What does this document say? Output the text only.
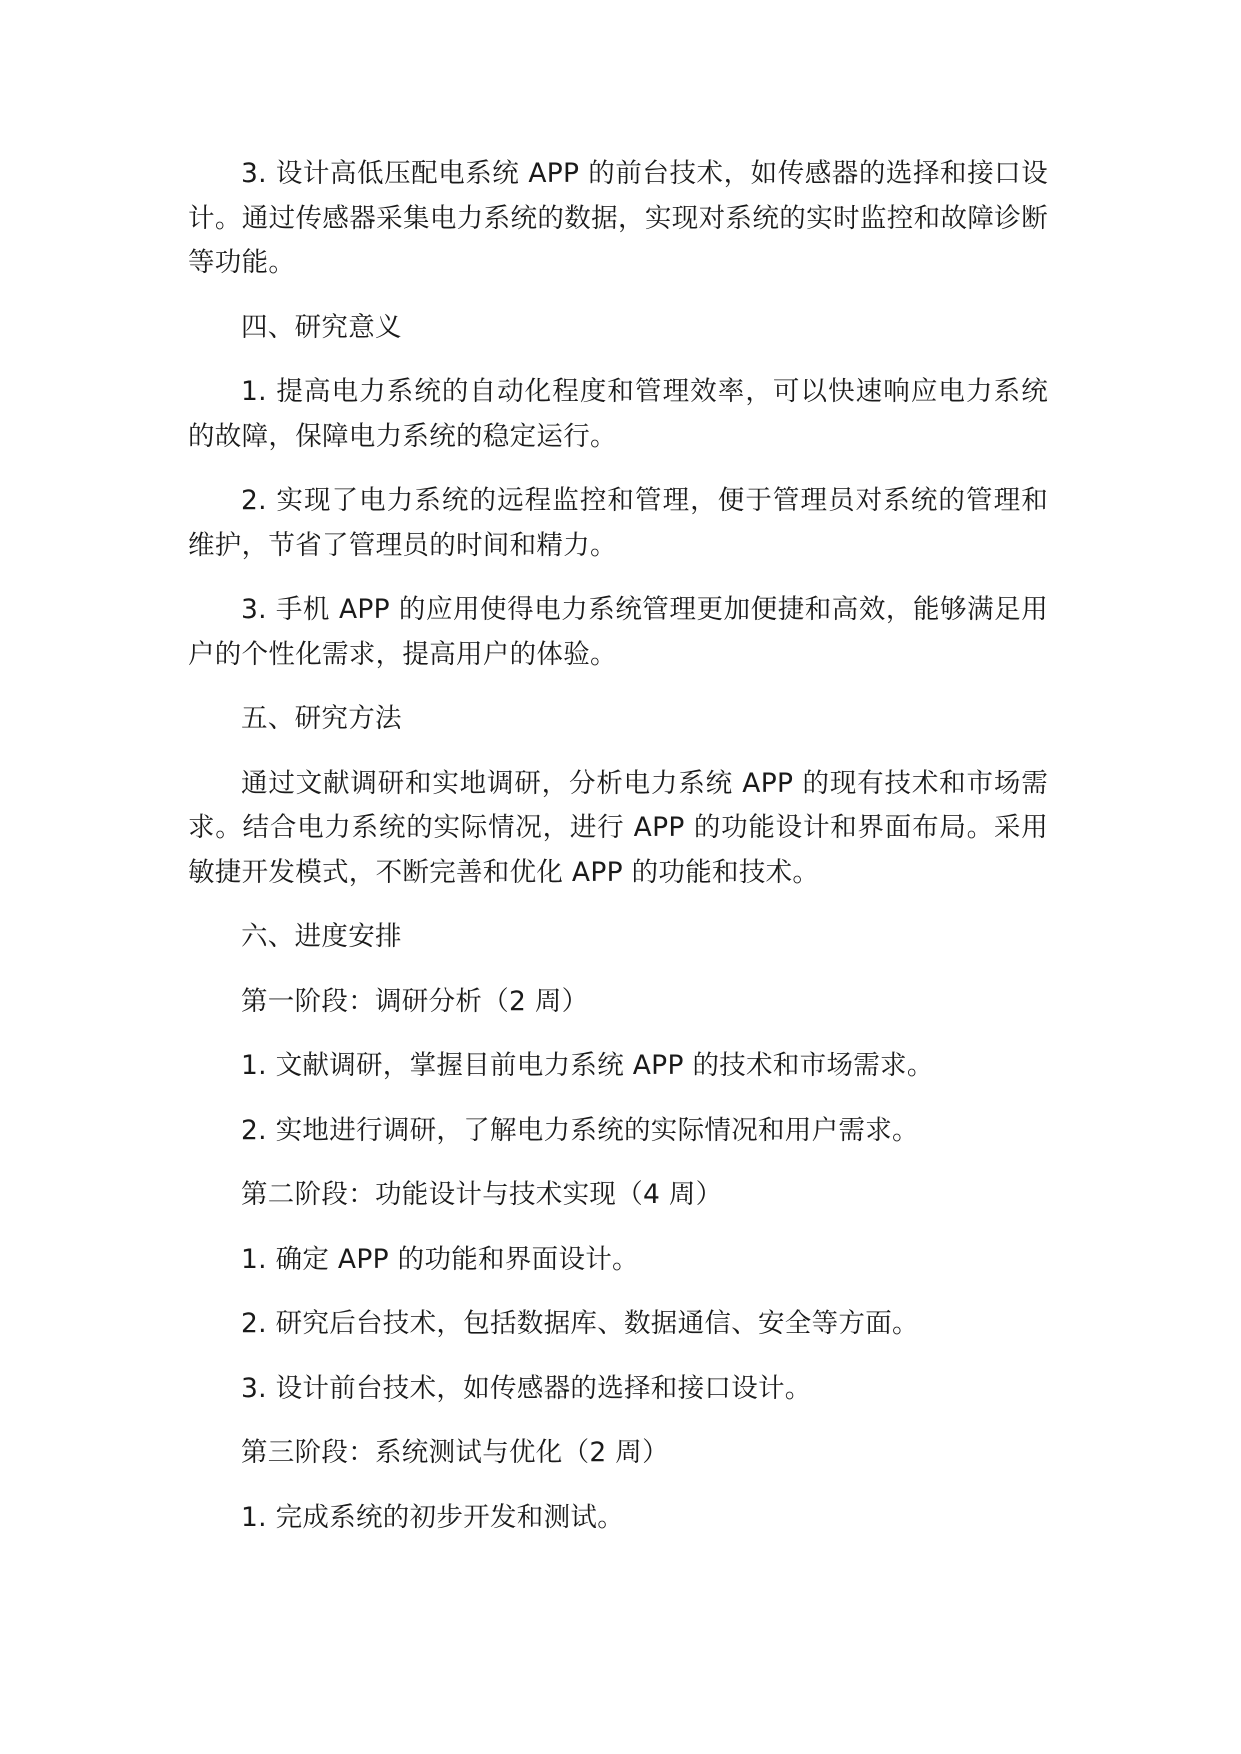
3. 设计高低压配电系统 APP 的前台技术，如传感器的选择和接口设计。通过传感器采集电力系统的数据，实现对系统的实时监控和故障诊断等功能。

四、研究意义

1. 提高电力系统的自动化程度和管理效率，可以快速响应电力系统的故障，保障电力系统的稳定运行。

2. 实现了电力系统的远程监控和管理，便于管理员对系统的管理和维护，节省了管理员的时间和精力。

3. 手机 APP 的应用使得电力系统管理更加便捷和高效，能够满足用户的个性化需求，提高用户的体验。

五、研究方法

通过文献调研和实地调研，分析电力系统 APP 的现有技术和市场需求。结合电力系统的实际情况，进行 APP 的功能设计和界面布局。采用敏捷开发模式，不断完善和优化 APP 的功能和技术。

六、进度安排

第一阶段：调研分析（2 周）

1. 文献调研，掌握目前电力系统 APP 的技术和市场需求。

2. 实地进行调研，了解电力系统的实际情况和用户需求。

第二阶段：功能设计与技术实现（4 周）

1. 确定 APP 的功能和界面设计。

2. 研究后台技术，包括数据库、数据通信、安全等方面。

3. 设计前台技术，如传感器的选择和接口设计。

第三阶段：系统测试与优化（2 周）

1. 完成系统的初步开发和测试。
